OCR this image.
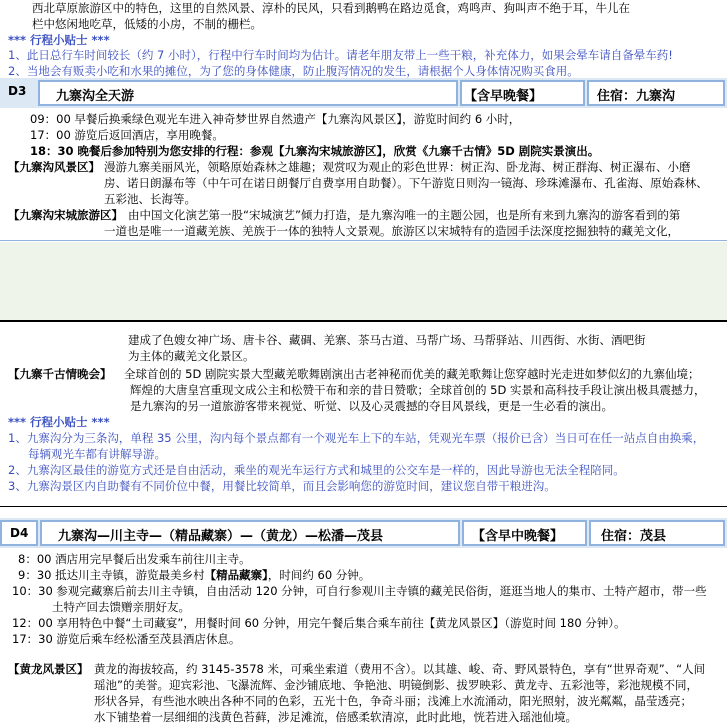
西北草原旅游区中的特色，这里的自然风景、淳朴的民风，只看到鹅鸭在路边觅食，鸡鸣声、狗叫声不绝于耳，牛儿在
栏中悠闲地吃草，低矮的小房，不制的栅栏。
*** 行程小贴士 ***
1、此日总行车时间较长（约 7 小时），行程中行车时间均为估计。请老年朋友带上一些干粮，补充体力，如果会晕车请自备晕车药!
2、当地会有贩卖小吃和水果的摊位，为了您的身体健康，防止腹泻情况的发生，请根据个人身体情况购买食用。
D3 九寨沟全天游	【含早晚餐】	住宿：九寨沟
09：00 早餐后换乘绿色观光车进入神奇梦世界自然遗产【九寨沟风景区】，游览时间约 6 小时，
17：00 游览后返回酒店，享用晚餐。
18：30 晚餐后参加特别为您安排的行程：参观【九寨沟宋城旅游区】，欣赏《九寨千古情》5D 剧院实景演出。
【九寨沟风景区】 漫游九寨美丽风光，领略原始森林之雄趣；观赏叹为观止的彩色世界：树正沟、卧龙海、树正群海、树正瀑布、小磨
房、诺日朗瀑布等（中午可在诺日朗餐厅自费享用自助餐）。下午游览日则沟一镜海、珍珠滩瀑布、孔雀海、原始森林、
五彩池、长海等。
【九寨沟宋城旅游区】 由中国文化演艺第一股“宋城演艺”倾力打造，是九寨沟唯一的主题公园，也是所有来到九寨沟的游客看到的第
一道也是唯一一道藏羌族、羌族于一体的独特人文景观。旅游区以宋城特有的造园手法深度挖掘独特的藏羌文化，
建成了色嫂女神广场、唐卡谷、藏碉、羌寨、茶马古道、马帮广场、马帮驿站、川西街、水街、酒吧街
为主体的藏羌文化景区。
【九寨千古情晚会】 全球首创的 5D 剧院实景大型藏羌歌舞剧演出古老神秘而优美的藏羌歌舞让您穿越时光走进如梦似幻的九寨仙境；
辉煌的大唐皇宫重现文成公主和松赞干布和亲的昔日赞歌；全球首创的 5D 实景和高科技手段让演出极具震撼力，
是九寨沟的另一道旅游客带来视觉、听觉、以及心灵震撼的夺目风景线，更是一生必看的演出。
*** 行程小贴士 ***
1、九寨沟分为三条沟，单程 35 公里，沟内每个景点都有一个观光车上下的车站，凭观光车票（报价已含）当日可在任一站点自由换乘，
每辆观光车都有讲解导游。
2、九寨沟区最佳的游览方式还是自由活动，乘坐的观光车运行方式和城里的公交车是一样的，因此导游也无法全程陪同。
3、九寨沟景区内自助餐有不同价位中餐，用餐比较简单，而且会影响您的游览时间，建议您自带干粮进沟。
D4 九寨沟—川主寺—（精品藏寨）—（黄龙）—松潘—茂县	【含早中晚餐】	住宿：茂县
8：00 酒店用完早餐后出发乘车前往川主寺。
9：30 抵达川主寺镇，游览最美乡村【精品藏寨】，时间约 60 分钟。
10：30 参观完藏寨后前去川主寺镇，自由活动 120 分钟，可自行参观川主寺镇的藏羌民俗街，逛逛当地人的集市、土特产超市，带一些
土特产回去馈赠亲朋好友。
12：00 享用特色中餐“土司藏宴”，用餐时间 60 分钟，用完午餐后集合乘车前往【黄龙风景区】（游览时间 180 分钟）。
17：30 游览后乘车经松潘至茂县酒店休息。
【黄龙风景区】 黄龙的海拔较高，约 3145-3578 米，可乘坐索道（费用不含）。以其雄、峻、奇、野风景特色，享有“世界奇观”、“人间
瑶池”的美誉。迎宾彩池、飞瀑流辉、金沙铺底地、争艳池、明镜倒影、拔罗映彩、黄龙寺、五彩池等，彩池规模不同，
形状各异，有些池水映出各种不同的色彩，五光十色，争奇斗丽；浅滩上水流涌动，阳光照射，波光粼粼，晶莹透亮；
水下铺垫着一层细细的浅黄色苔藓，涉足滩流，倍感柔软清凉，此时此地，恍若进入瑶池仙境。
